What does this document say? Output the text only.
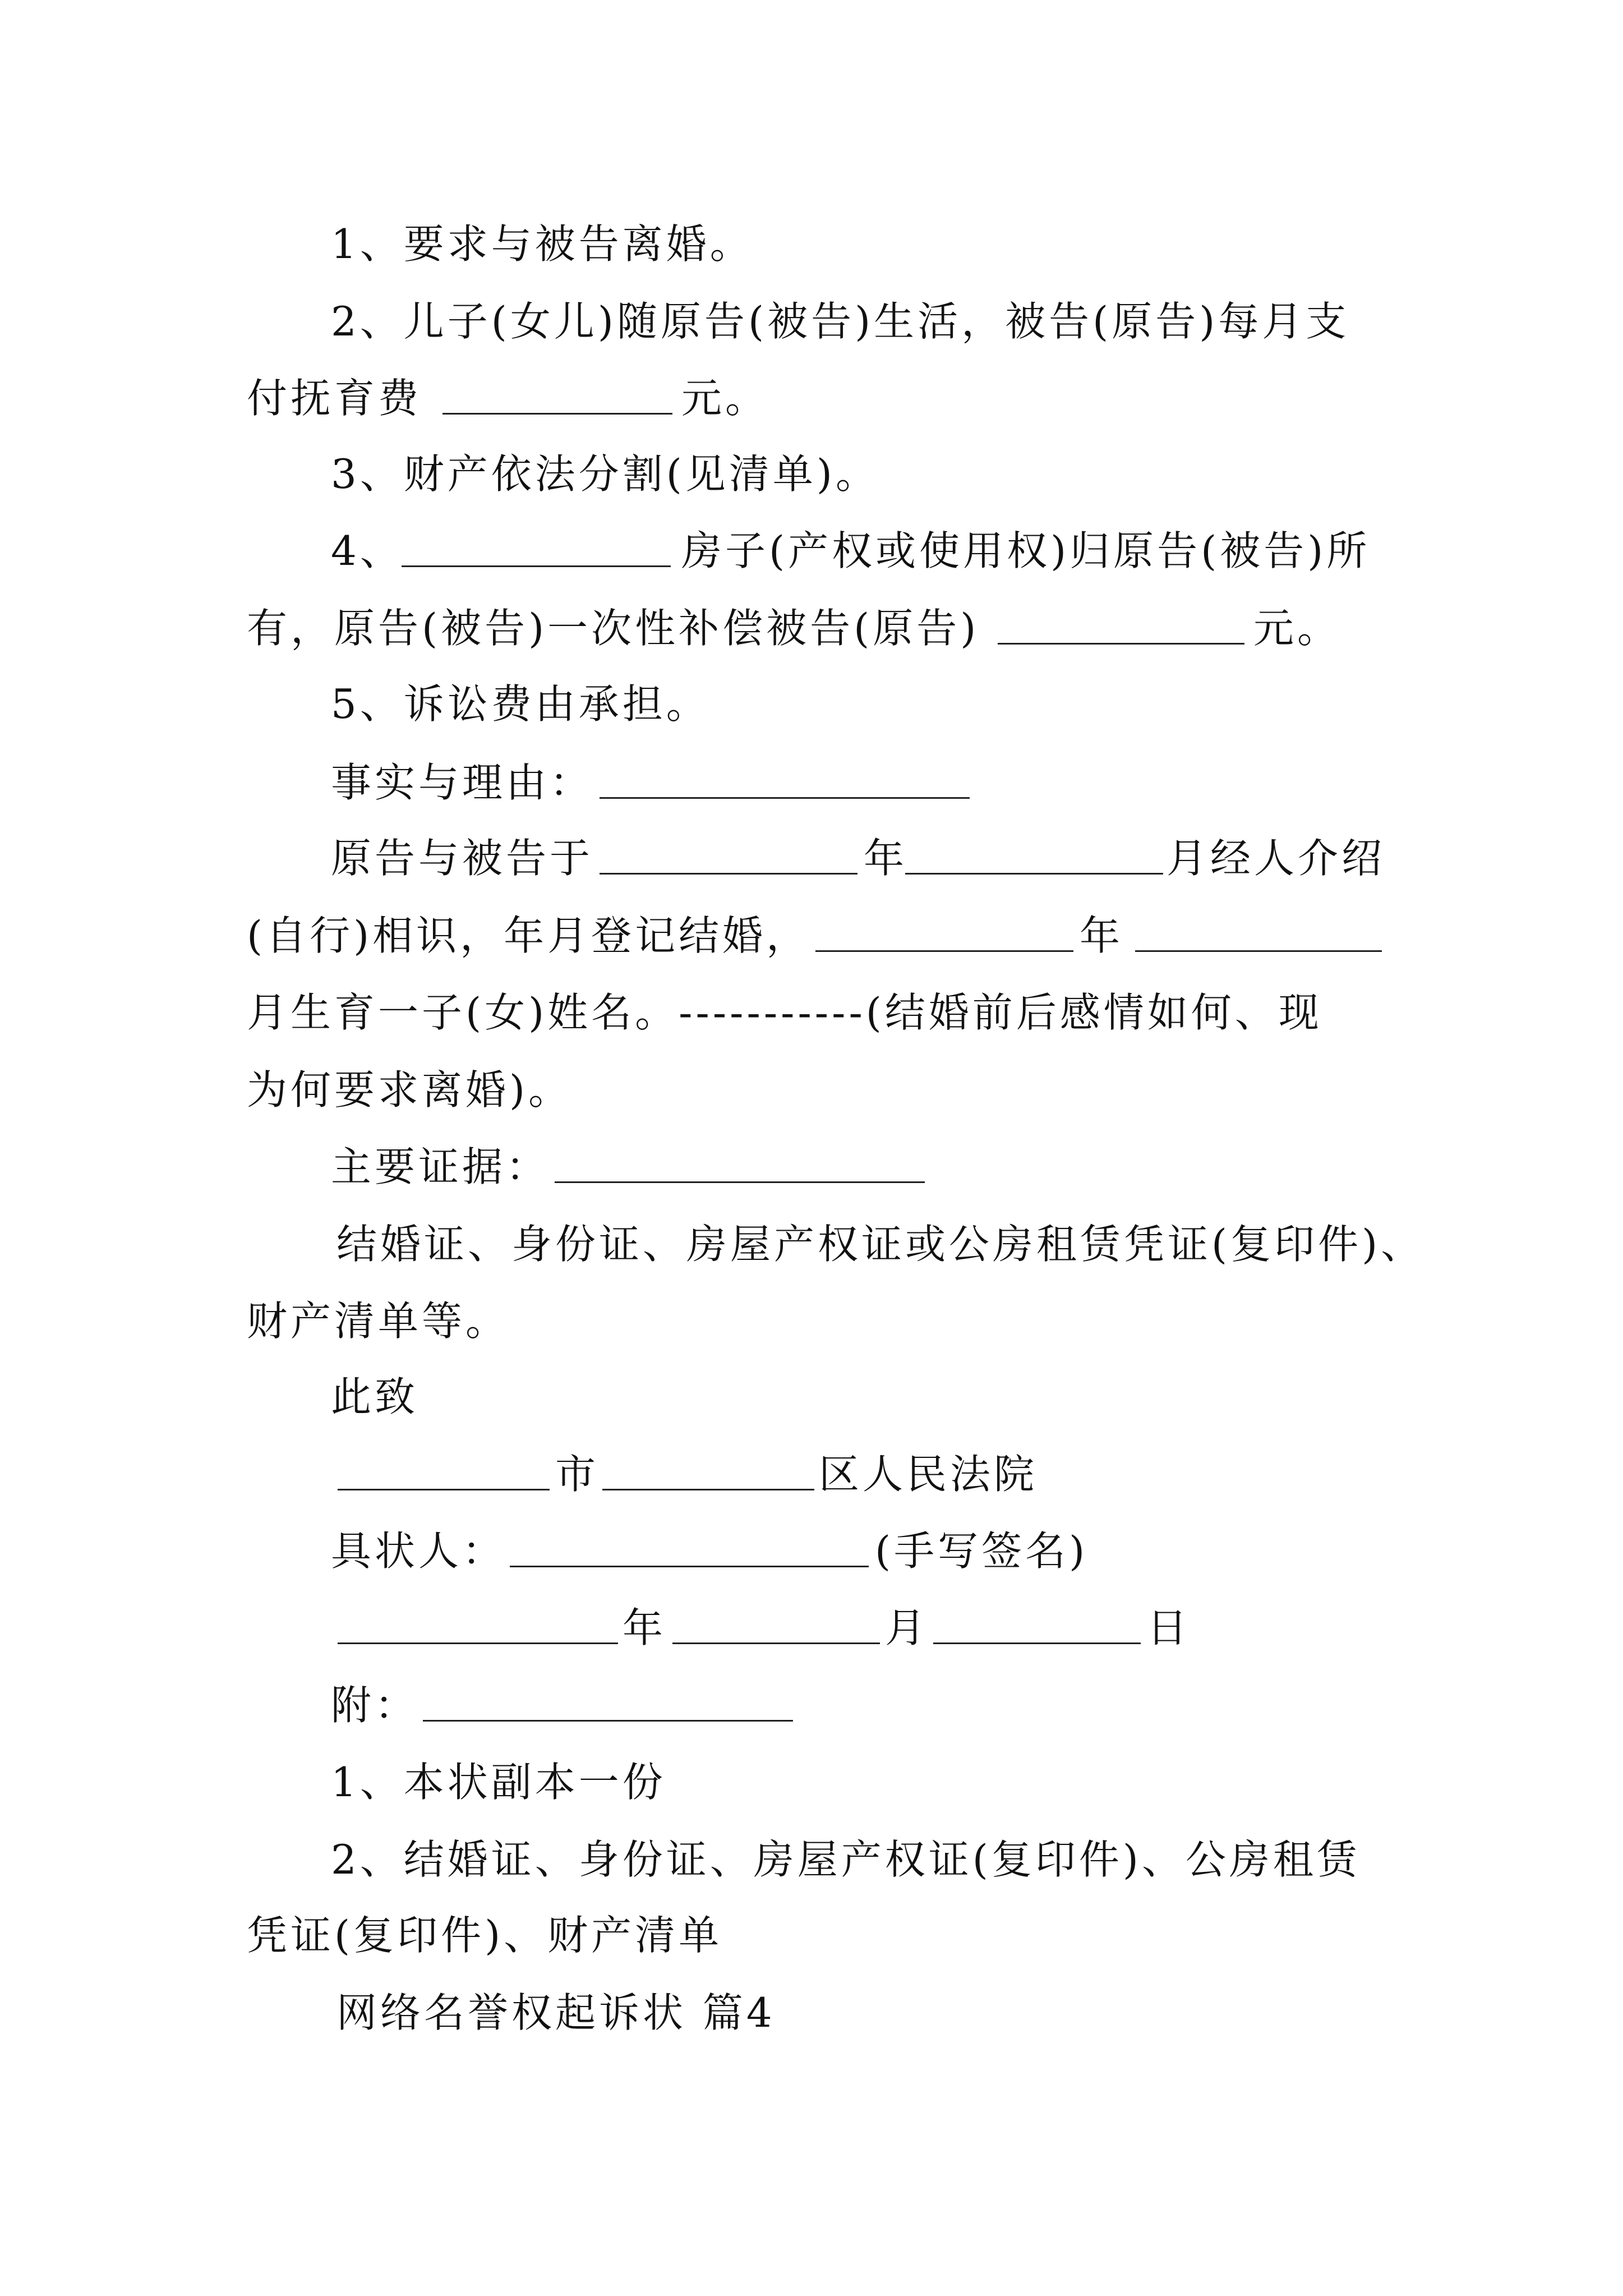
1、要求与被告离婚。
2、儿子(女儿)随原告(被告)生活，被告(原告)每月支
付抚育费	元。
3、财产依法分割(见清单)。
4、	房子(产权或使用权)归原告(被告)所
有，原告(被告)一次性补偿被告(原告)	元。
5、诉讼费由承担。
事实与理由：
原告与被告于	年	月经人介绍
(自行)相识，年月登记结婚，	年
月生育一子(女)姓名。-----------(结婚前后感情如何、现
为何要求离婚)。
主要证据：
结婚证、身份证、房屋产权证或公房租赁凭证(复印件)、
财产清单等。
此致
市	区人民法院
具状人：	(手写签名)
年	月	日
附：
1、本状副本一份
2、结婚证、身份证、房屋产权证(复印件)、公房租赁
凭证(复印件)、财产清单
网络名誉权起诉状 篇4
